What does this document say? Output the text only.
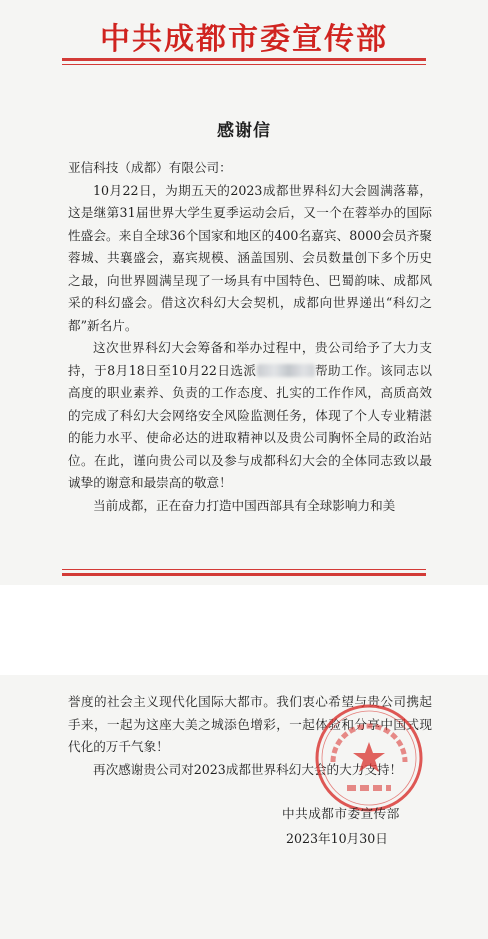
中共成都市委宣传部
感谢信

亚信科技（成都）有限公司：

10月22日，为期五天的2023成都世界科幻大会圆满落幕，这是继第31届世界大学生夏季运动会后，又一个在蓉举办的国际性盛会。来自全球36个国家和地区的400名嘉宾、8000会员齐聚蓉城、共襄盛会，嘉宾规模、涵盖国别、会员数量创下多个历史之最，向世界圆满呈现了一场具有中国特色、巴蜀韵味、成都风采的科幻盛会。借这次科幻大会契机，成都向世界递出“科幻之都”新名片。

这次世界科幻大会筹备和举办过程中，贵公司给予了大力支持，于8月18日至10月22日选派	帮助工作。该同志以高度的职业素养、负责的工作态度、扎实的工作作风，高质高效的完成了科幻大会网络安全风险监测任务，体现了个人专业精湛的能力水平、使命必达的进取精神以及贵公司胸怀全局的政治站位。在此，谨向贵公司以及参与成都科幻大会的全体同志致以最诚挚的谢意和最崇高的敬意！

当前成都，正在奋力打造中国西部具有全球影响力和美

誉度的社会主义现代化国际大都市。我们衷心希望与贵公司携起手来，一起为这座大美之城添色增彩，一起体验和分享中国式现代化的万千气象！

再次感谢贵公司对2023成都世界科幻大会的大力支持！

中共成都市委宣传部
2023年10月30日
